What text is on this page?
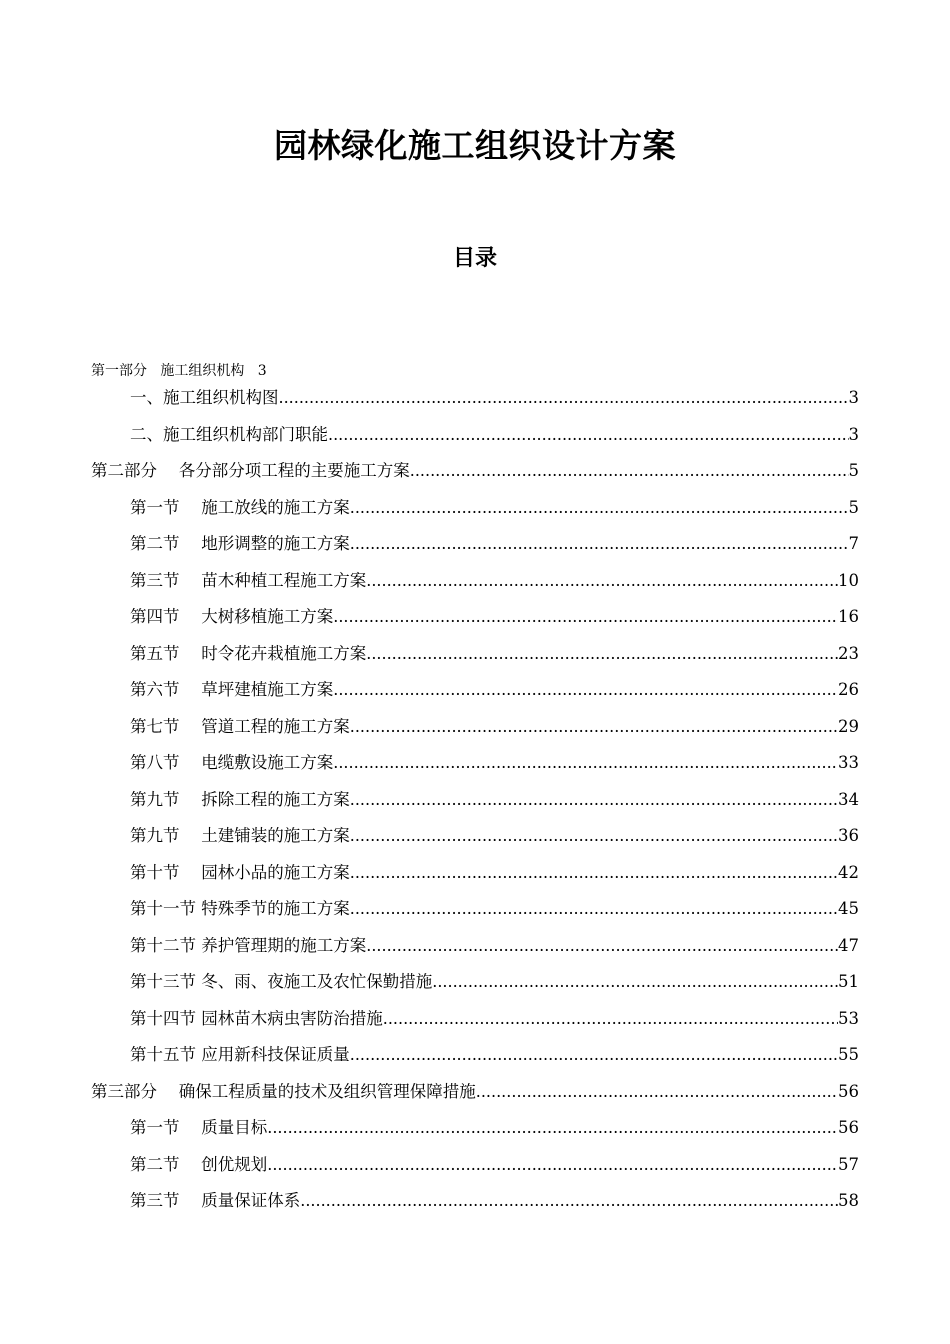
园林绿化施工组织设计方案
目录
第一部分 施工组织机构 3
一、施工组织机构图 .....	3
二、施工组织机构部门职能 .....	3
第二部分　 各分部分项工程的主要施工方案 .....	5
第一节　 施工放线的施工方案 .....	5
第二节　 地形调整的施工方案 .....	7
第三节　 苗木种植工程施工方案 .....	10
第四节　 大树移植施工方案 .....	16
第五节　 时令花卉栽植施工方案 .....	23
第六节　 草坪建植施工方案 .....	26
第七节　 管道工程的施工方案 .....	29
第八节　 电缆敷设施工方案 .....	33
第九节　 拆除工程的施工方案 .....	34
第九节　 土建铺装的施工方案 .....	36
第十节　 园林小品的施工方案 .....	42
第十一节 特殊季节的施工方案 .....	45
第十二节 养护管理期的施工方案 .....	47
第十三节 冬、雨、夜施工及农忙保勤措施 .....	51
第十四节 园林苗木病虫害防治措施 .....	53
第十五节 应用新科技保证质量 .....	55
第三部分　 确保工程质量的技术及组织管理保障措施 .....	56
第一节　 质量目标 .....	56
第二节　 创优规划 .....	57
第三节　 质量保证体系 .....	58
